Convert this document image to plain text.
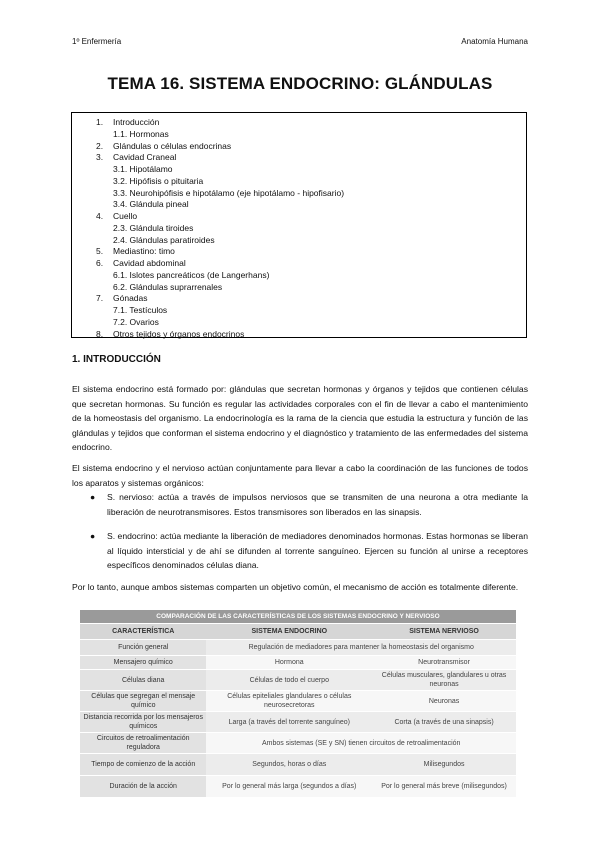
1º Enfermería	Anatomía Humana
TEMA 16. SISTEMA ENDOCRINO: GLÁNDULAS
1. Introducción
1.1. Hormonas
2. Glándulas o células endocrinas
3. Cavidad Craneal
3.1. Hipotálamo
3.2. Hipófisis o pituitaria
3.3. Neurohipófisis e hipotálamo (eje hipotálamo - hipofisario)
3.4. Glándula pineal
4. Cuello
2.3. Glándula tiroides
2.4. Glándulas paratiroides
5. Mediastino: timo
6. Cavidad abdominal
6.1. Islotes pancreáticos (de Langerhans)
6.2. Glándulas suprarrenales
7. Gónadas
7.1. Testículos
7.2. Ovarios
8. Otros tejidos y órganos endocrinos
1. INTRODUCCIÓN
El sistema endocrino está formado por: glándulas que secretan hormonas y órganos y tejidos que contienen células que secretan hormonas. Su función es regular las actividades corporales con el fin de llevar a cabo el mantenimiento de la homeostasis del organismo. La endocrinología es la rama de la ciencia que estudia la estructura y función de las glándulas y tejidos que conforman el sistema endocrino y el diagnóstico y tratamiento de las enfermedades del sistema endocrino.
El sistema endocrino y el nervioso actúan conjuntamente para llevar a cabo la coordinación de las funciones de todos los aparatos y sistemas orgánicos:
● S. nervioso: actúa a través de impulsos nerviosos que se transmiten de una neurona a otra mediante la liberación de neurotransmisores. Estos transmisores son liberados en las sinapsis.
● S. endocrino: actúa mediante la liberación de mediadores denominados hormonas. Estas hormonas se liberan al líquido intersticial y de ahí se difunden al torrente sanguíneo. Ejercen su función al unirse a receptores específicos denominados células diana.
Por lo tanto, aunque ambos sistemas comparten un objetivo común, el mecanismo de acción es totalmente diferente.
COMPARACIÓN DE LAS CARACTERÍSTICAS DE LOS SISTEMAS ENDOCRINO Y NERVIOSO		
CARACTERÍSTICA	SISTEMA ENDOCRINO	SISTEMA NERVIOSO
Función general	Regulación de mediadores para mantener la homeostasis del organismo	
Mensajero químico	Hormona	Neurotransmisor
Células diana	Células de todo el cuerpo	Células musculares, glandulares u otras neuronas
Células que segregan el mensaje químico	Células epiteliales glandulares o células neurosecretoras	Neuronas
Distancia recorrida por los mensajeros químicos	Larga (a través del torrente sanguíneo)	Corta (a través de una sinapsis)
Circuitos de retroalimentación reguladora	Ambos sistemas (SE y SN) tienen circuitos de retroalimentación	
Tiempo de comienzo de la acción	Segundos, horas o días	Milisegundos
Duración de la acción	Por lo general más larga (segundos a días)	Por lo general más breve (milisegundos)
